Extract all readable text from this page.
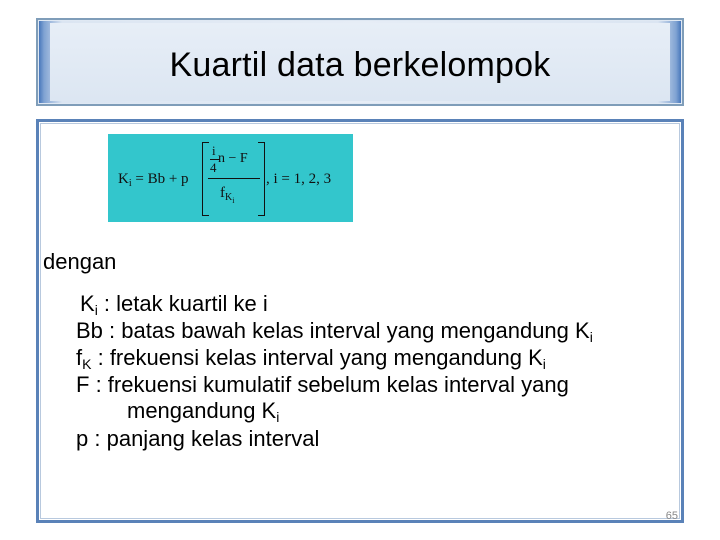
Kuartil data berkelompok
$K_i = Bb + p$
i
4
n − F
$f_{Ki}$
, i = 1, 2, 3
dengan
Ki : letak kuartil ke i
Bb : batas bawah kelas interval yang mengandung Ki
fK : frekuensi kelas interval yang mengandung Ki
F : frekuensi kumulatif sebelum kelas interval yang
mengandung Ki
p : panjang kelas interval
65
